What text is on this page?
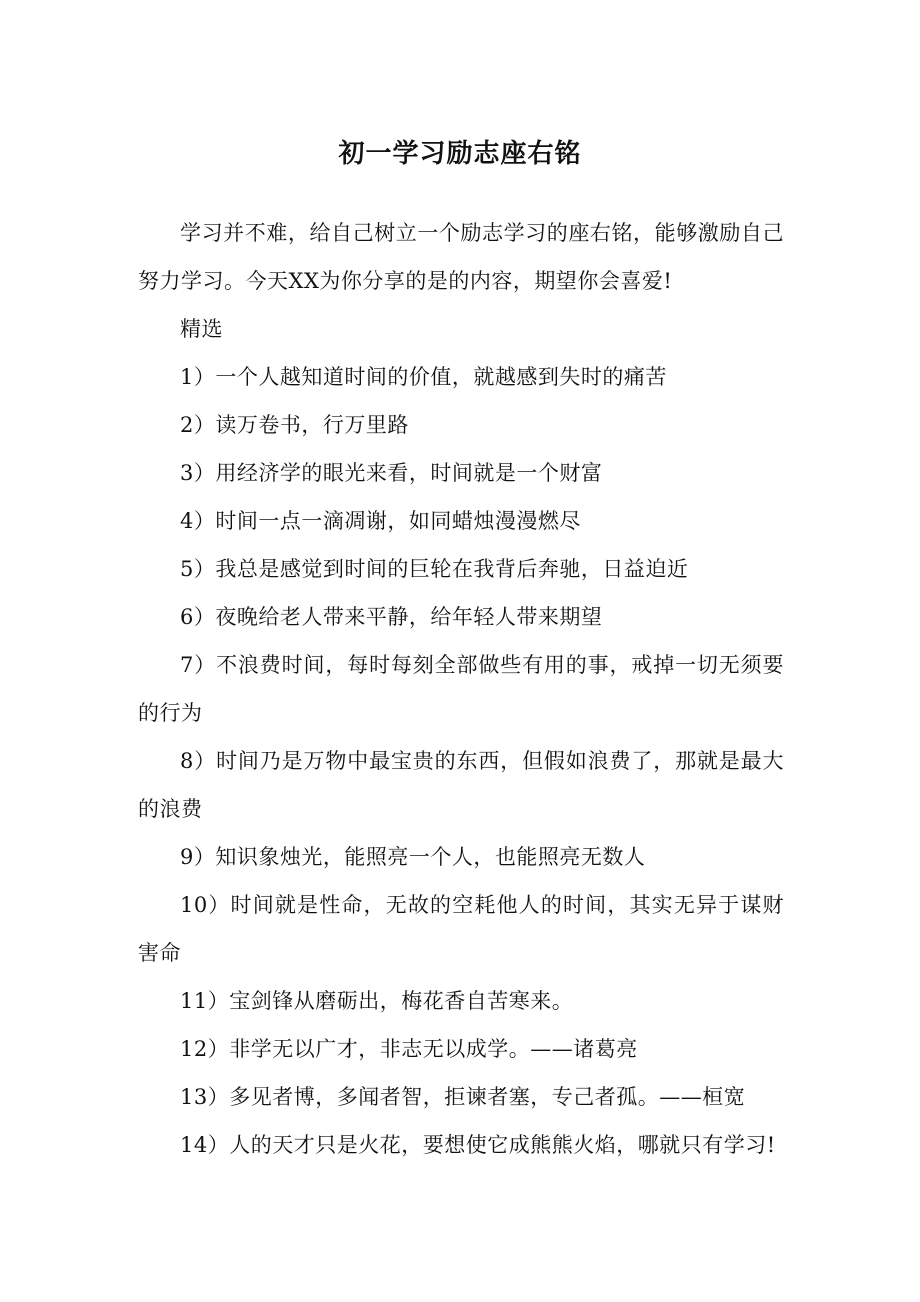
初一学习励志座右铭

学习并不难，给自己树立一个励志学习的座右铭，能够激励自己努力学习。今天XX为你分享的是的内容，期望你会喜爱!

精选

1）一个人越知道时间的价值，就越感到失时的痛苦

2）读万卷书，行万里路

3）用经济学的眼光来看，时间就是一个财富

4）时间一点一滴凋谢，如同蜡烛漫漫燃尽

5）我总是感觉到时间的巨轮在我背后奔驰，日益迫近

6）夜晚给老人带来平静，给年轻人带来期望

7）不浪费时间，每时每刻全部做些有用的事，戒掉一切无须要的行为

8）时间乃是万物中最宝贵的东西，但假如浪费了，那就是最大的浪费

9）知识象烛光，能照亮一个人，也能照亮无数人

10）时间就是性命，无故的空耗他人的时间，其实无异于谋财害命

11）宝剑锋从磨砺出，梅花香自苦寒来。

12）非学无以广才，非志无以成学。——诸葛亮

13）多见者博，多闻者智，拒谏者塞，专己者孤。——桓宽

14）人的天才只是火花，要想使它成熊熊火焰，哪就只有学习!
